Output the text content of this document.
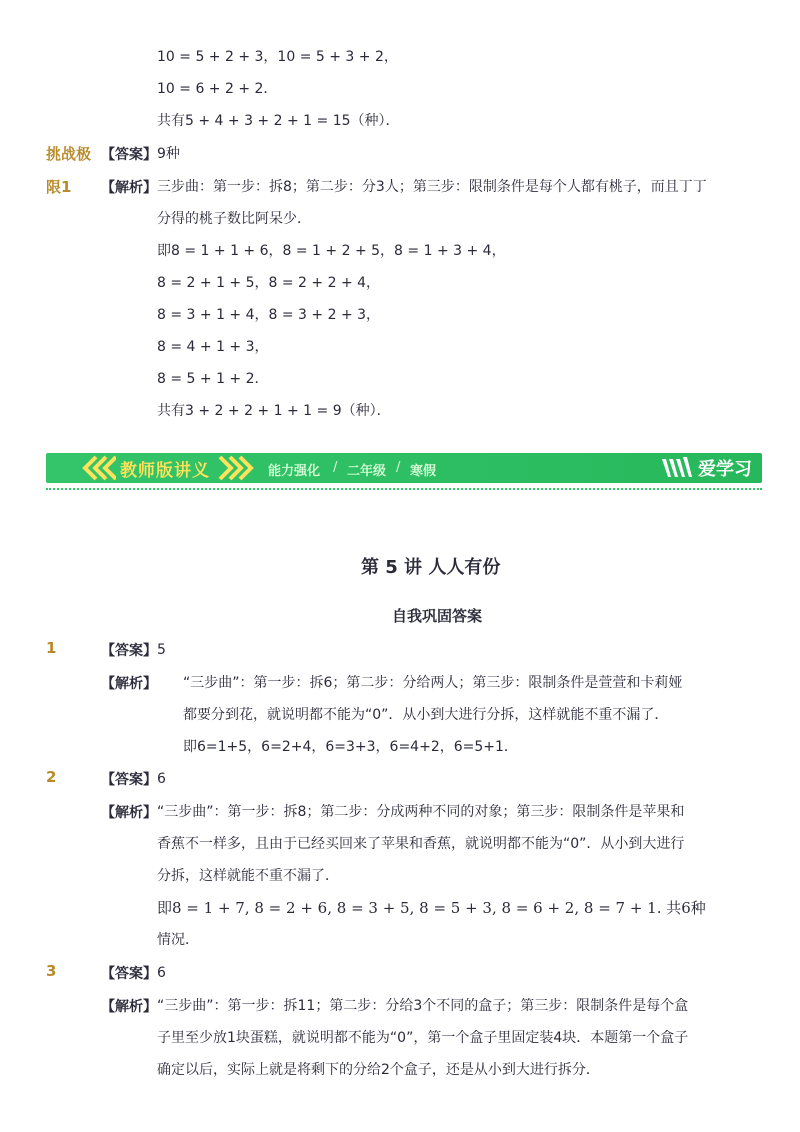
10 = 5 + 2 + 3，10 = 5 + 3 + 2，
10 = 6 + 2 + 2．
共有5 + 4 + 3 + 2 + 1 = 15（种）．
挑战极 【答案】 9种
限1 【解析】 三步曲：第一步：拆8；第二步：分3人；第三步：限制条件是每个人都有桃子，而且丁丁
分得的桃子数比阿呆少．
即8 = 1 + 1 + 6，8 = 1 + 2 + 5，8 = 1 + 3 + 4，
8 = 2 + 1 + 5，8 = 2 + 2 + 4，
8 = 3 + 1 + 4，8 = 3 + 2 + 3，
8 = 4 + 1 + 3，
8 = 5 + 1 + 2．
共有3 + 2 + 2 + 1 + 1 = 9（种）．
教师版讲义	能力强化 / 二年级 / 寒假	爱学习
第 5 讲 人人有份
自我巩固答案
1	【答案】 5
【解析】 “三步曲”：第一步：拆6；第二步：分给两人；第三步：限制条件是萱萱和卡莉娅
都要分到花，就说明都不能为“0”．从小到大进行分拆，这样就能不重不漏了．
即6=1+5，6=2+4，6=3+3，6=4+2，6=5+1．
2	【答案】 6
【解析】 “三步曲”：第一步：拆8；第二步：分成两种不同的对象；第三步：限制条件是苹果和
香蕉不一样多，且由于已经买回来了苹果和香蕉，就说明都不能为“0”．从小到大进行
分拆，这样就能不重不漏了．
即8 = 1 + 7, 8 = 2 + 6, 8 = 3 + 5, 8 = 5 + 3, 8 = 6 + 2, 8 = 7 + 1. 共6种
情况．
3	【答案】 6
【解析】 “三步曲”：第一步：拆11；第二步：分给3个不同的盒子；第三步：限制条件是每个盒
子里至少放1块蛋糕，就说明都不能为“0”，第一个盒子里固定装4块．本题第一个盒子
确定以后，实际上就是将剩下的分给2个盒子，还是从小到大进行拆分．
